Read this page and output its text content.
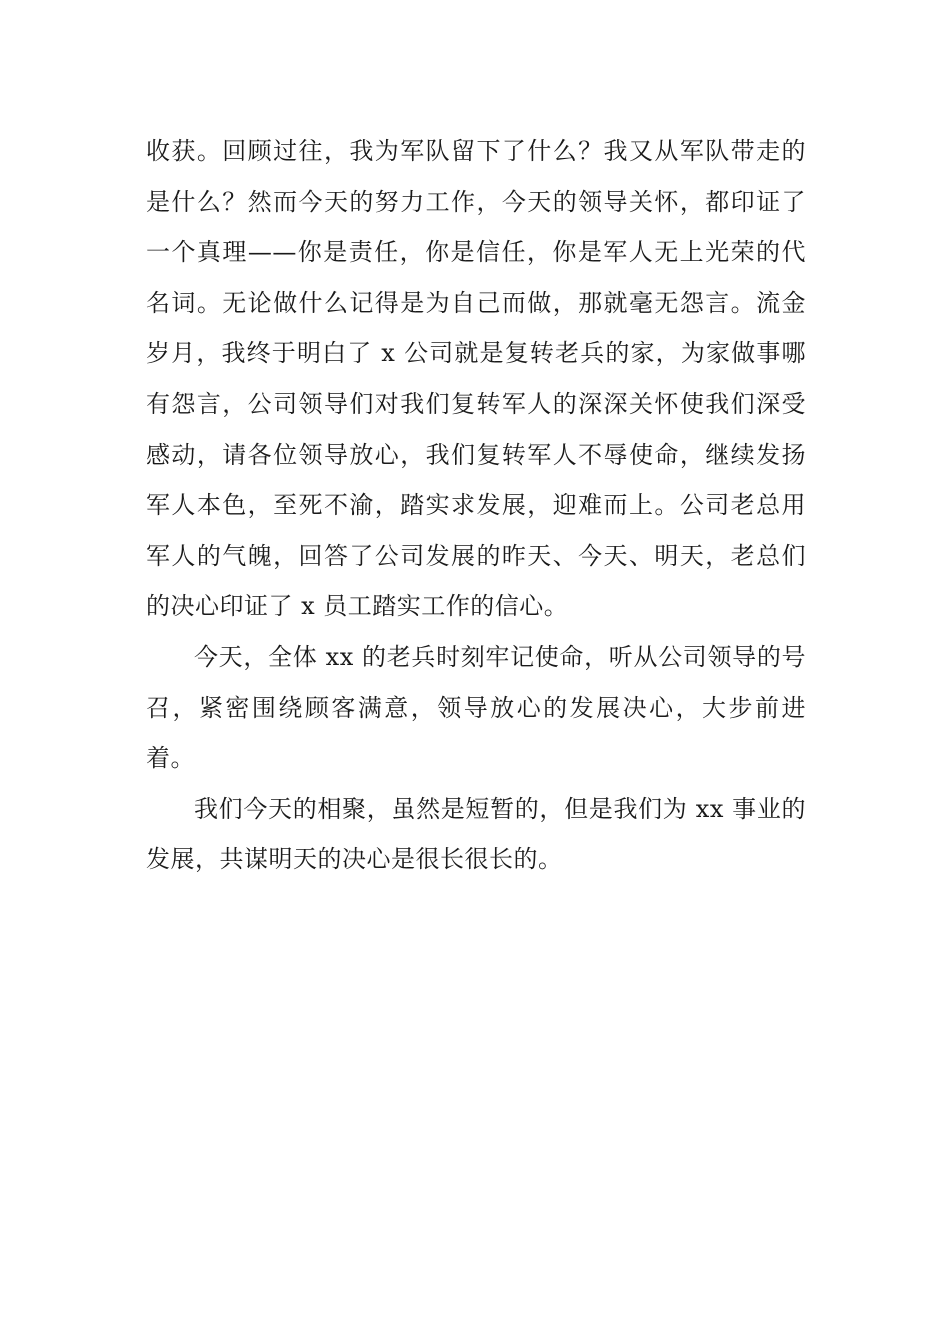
收获。回顾过往，我为军队留下了什么？我又从军队带走的是什么？然而今天的努力工作，今天的领导关怀，都印证了一个真理——你是责任，你是信任，你是军人无上光荣的代名词。无论做什么记得是为自己而做，那就毫无怨言。流金岁月，我终于明白了 x 公司就是复转老兵的家，为家做事哪有怨言，公司领导们对我们复转军人的深深关怀使我们深受感动，请各位领导放心，我们复转军人不辱使命，继续发扬军人本色，至死不渝，踏实求发展，迎难而上。公司老总用军人的气魄，回答了公司发展的昨天、今天、明天，老总们的决心印证了 x 员工踏实工作的信心。

今天，全体 xx 的老兵时刻牢记使命，听从公司领导的号召，紧密围绕顾客满意，领导放心的发展决心，大步前进着。

我们今天的相聚，虽然是短暂的，但是我们为 xx 事业的发展，共谋明天的决心是很长很长的。
